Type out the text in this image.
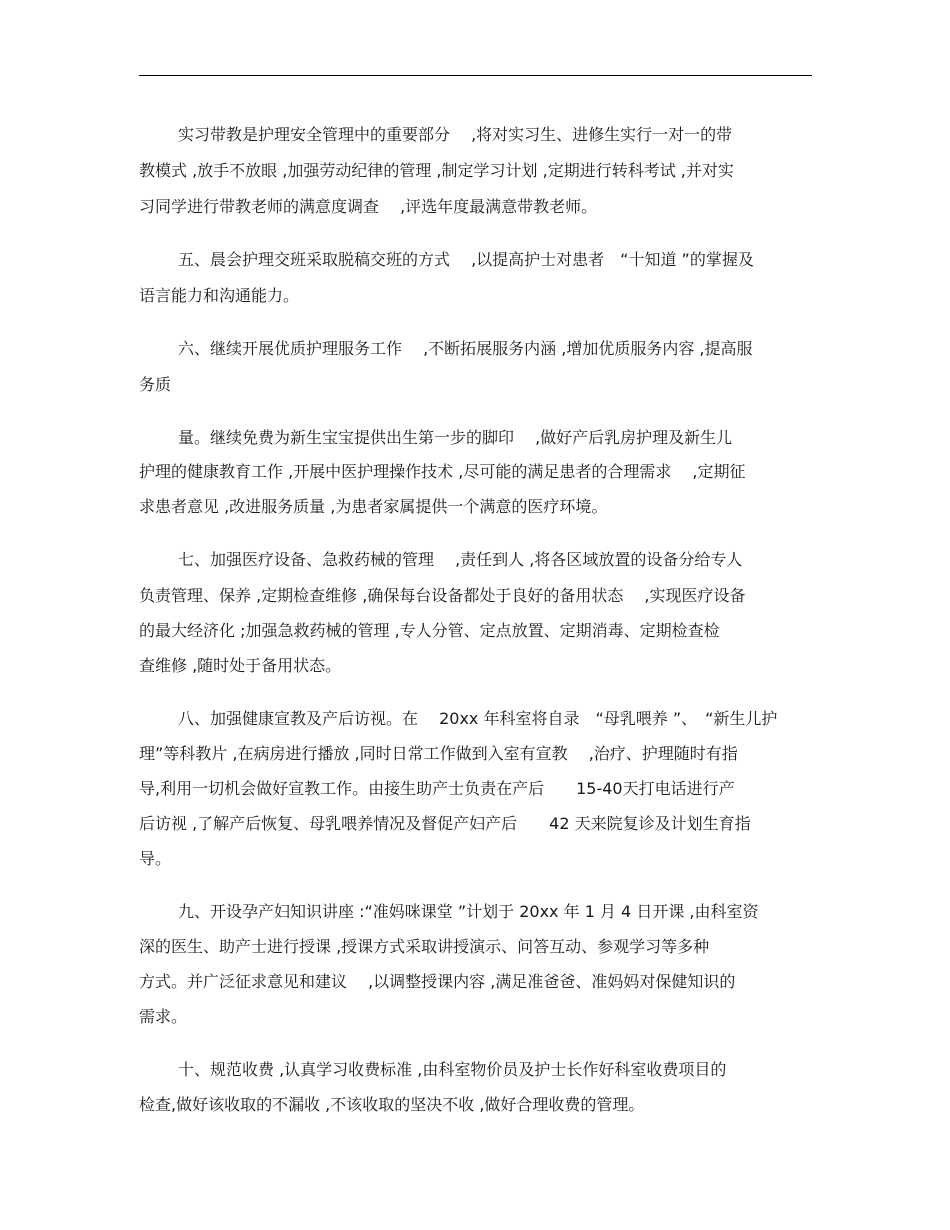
实习带教是护理安全管理中的重要部分　 ,将对实习生、进修生实行一对一的带
教模式 ,放手不放眼 ,加强劳动纪律的管理 ,制定学习计划 ,定期进行转科考试 ,并对实
习同学进行带教老师的满意度调查　 ,评选年度最满意带教老师。
五、晨会护理交班采取脱稿交班的方式　 ,以提高护士对患者　“十知道 ”的掌握及
语言能力和沟通能力。
六、继续开展优质护理服务工作　 ,不断拓展服务内涵 ,增加优质服务内容 ,提高服
务质
量。继续免费为新生宝宝提供出生第一步的脚印　 ,做好产后乳房护理及新生儿
护理的健康教育工作 ,开展中医护理操作技术 ,尽可能的满足患者的合理需求　 ,定期征
求患者意见 ,改进服务质量 ,为患者家属提供一个满意的医疗环境。
七、加强医疗设备、急救药械的管理　 ,责任到人 ,将各区域放置的设备分给专人
负责管理、保养 ,定期检查维修 ,确保每台设备都处于良好的备用状态　 ,实现医疗设备
的最大经济化 ;加强急救药械的管理 ,专人分管、定点放置、定期消毒、定期检查检
查维修 ,随时处于备用状态。
八、加强健康宣教及产后访视。在　 20xx 年科室将自录　“母乳喂养 ”、　“新生儿护
理”等科教片 ,在病房进行播放 ,同时日常工作做到入室有宣教　 ,治疗、护理随时有指
导,利用一切机会做好宣教工作。由接生助产士负责在产后　　15-40天打电话进行产
后访视 ,了解产后恢复、母乳喂养情况及督促产妇产后　　42 天来院复诊及计划生育指
导。
九、开设孕产妇知识讲座 :“准妈咪课堂 ”计划于 20xx 年 1 月 4 日开课 ,由科室资
深的医生、助产士进行授课 ,授课方式采取讲授演示、问答互动、参观学习等多种
方式。并广泛征求意见和建议　 ,以调整授课内容 ,满足准爸爸、准妈妈对保健知识的
需求。
十、规范收费 ,认真学习收费标准 ,由科室物价员及护士长作好科室收费项目的
检查,做好该收取的不漏收 ,不该收取的坚决不收 ,做好合理收费的管理。
